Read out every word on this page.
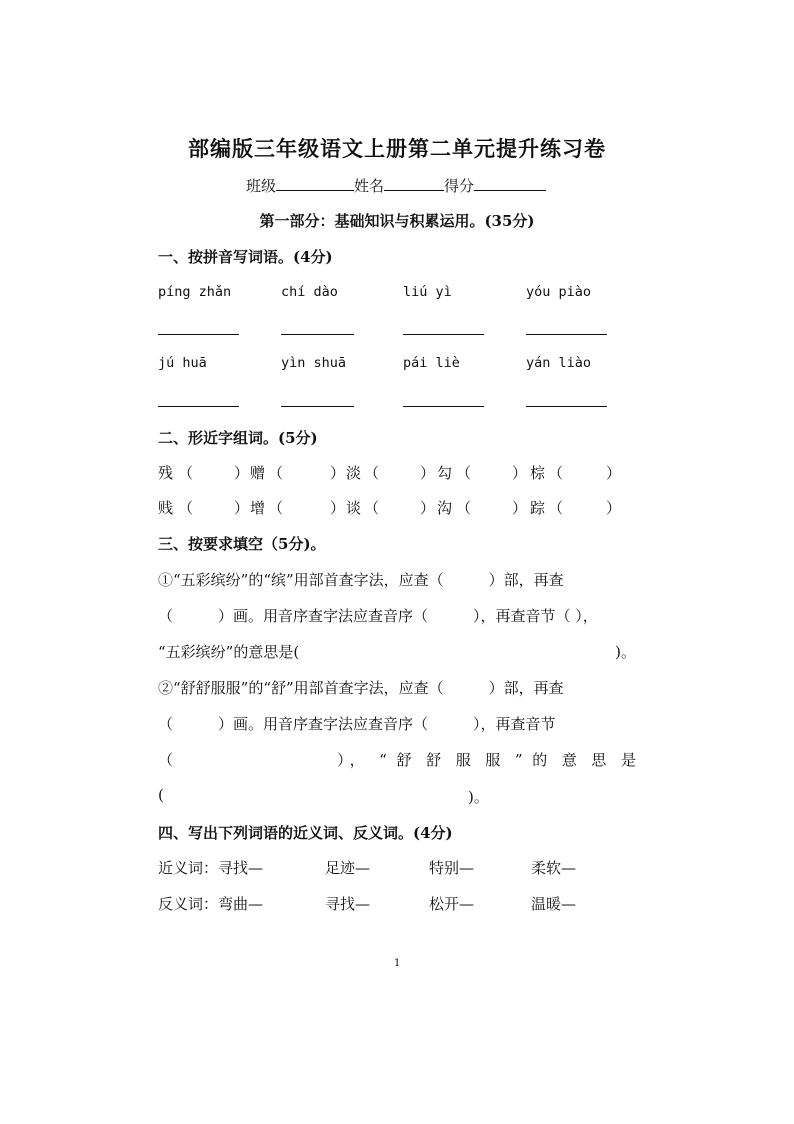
部编版三年级语文上册第二单元提升练习卷
班级	姓名	得分
第一部分：基础知识与积累运用。(35分)
一、按拼音写词语。(4分)
píng zhǎn	chí dào	liú yì	yóu piào
jú huā	yìn shuā	pái liè	yán liào
二、形近字组词。(5分)
残 （	） 赠 （	） 淡 （	） 勾 （	） 棕 （	）
贱 （	） 增 （	） 谈 （	） 沟 （	） 踪 （	）
三、按要求填空（5分)。
①“五彩缤纷”的“缤”用部首查字法，应查（　　　）部，再查
（　　　）画。用音序查字法应查音序（　　　），再查音节（ ），
“五彩缤纷”的意思是(	)。
②“舒舒服服”的“舒”用部首查字法，应查（　　　）部，再查
（　　　）画。用音序查字法应查音序（　　　），再查音节
（　　　　　　　　）， “ 舒 舒 服 服 ” 的 意 思 是
(	)。
四、写出下列词语的近义词、反义词。(4分)
近义词： 寻找—	足迹—	特别—	柔软—
反义词： 弯曲—	寻找—	松开—	温暖—
1
